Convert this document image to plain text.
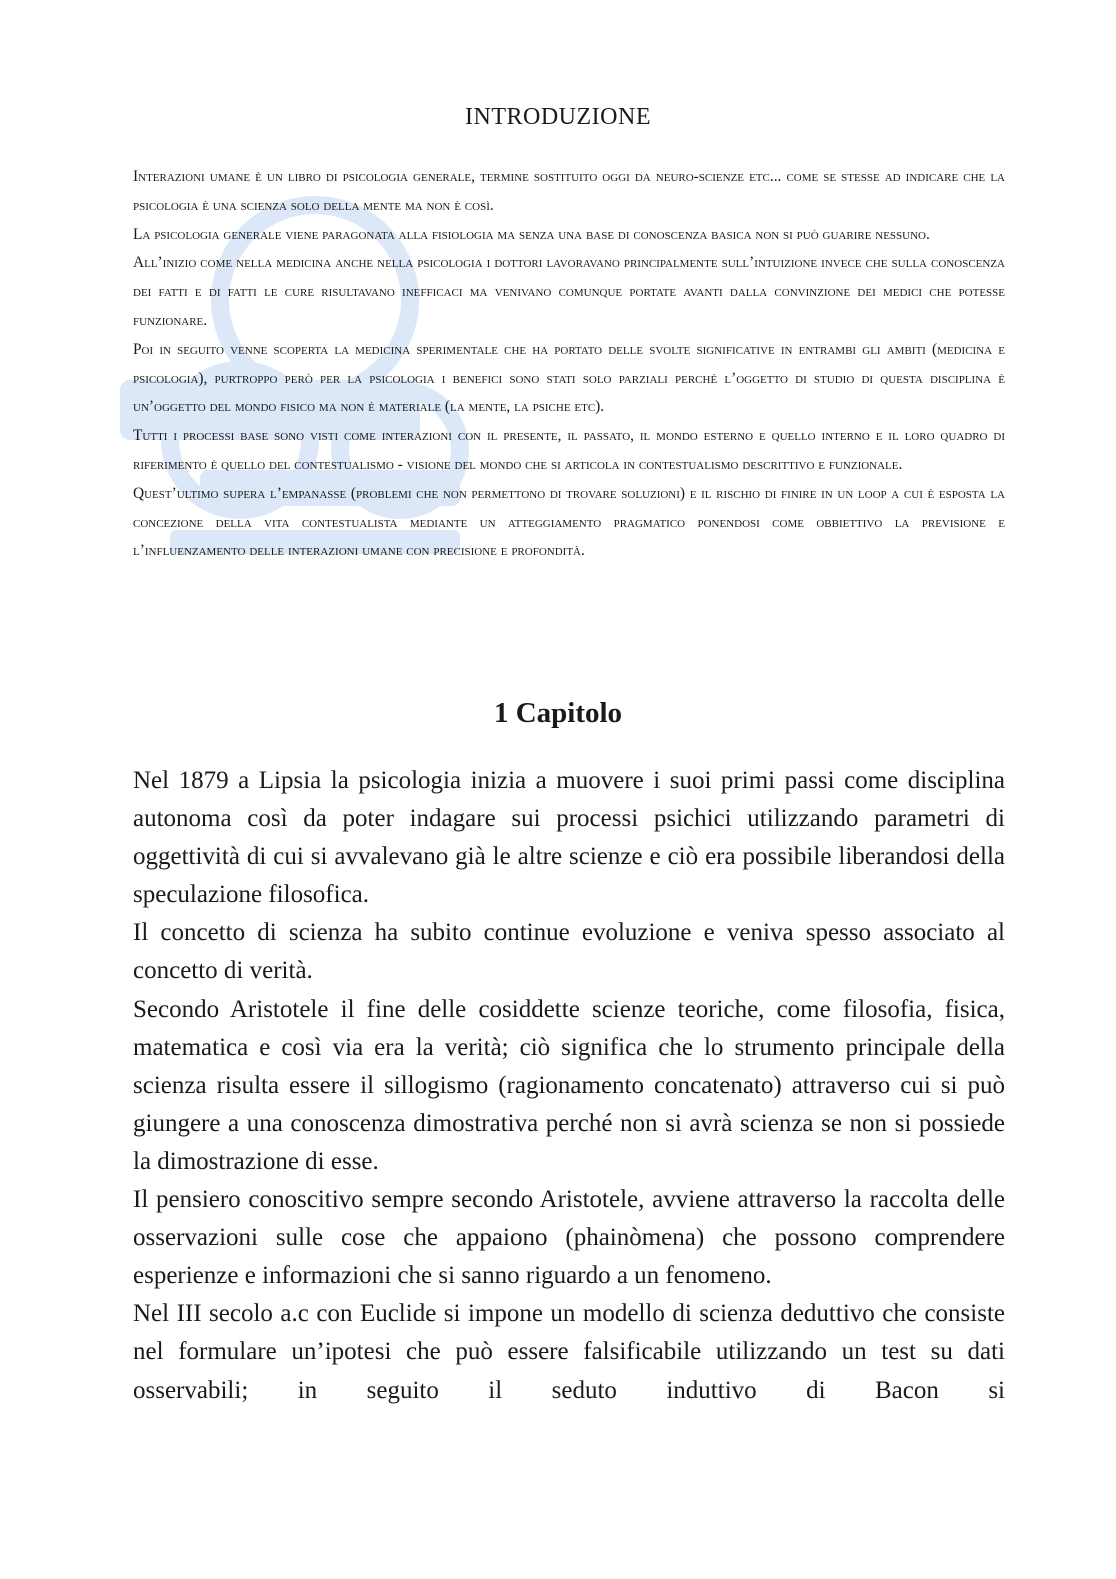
INTRODUZIONE

Interazioni umane è un libro di psicologia generale, termine sostituito oggi da neuro-scienze etc... come se stesse ad indicare che la psicologia è una scienza solo della mente ma non è così.

La psicologia generale viene paragonata alla fisiologia ma senza una base di conoscenza basica non si può guarire nessuno.

All’inizio come nella medicina anche nella psicologia i dottori lavoravano principalmente sull’intuizione invece che sulla conoscenza dei fatti e di fatti le cure risultavano inefficaci ma venivano comunque portate avanti dalla convinzione dei medici che potesse funzionare.

Poi in seguito venne scoperta la medicina sperimentale che ha portato delle svolte significative in entrambi gli ambiti (medicina e psicologia), purtroppo però per la psicologia i benefici sono stati solo parziali perché l’oggetto di studio di questa disciplina è un’oggetto del mondo fisico ma non è materiale (la mente, la psiche etc).

Tutti i processi base sono visti come interazioni con il presente, il passato, il mondo esterno e quello interno e il loro quadro di riferimento è quello del contestualismo - visione del mondo che si articola in contestualismo descrittivo e funzionale.

Quest’ultimo supera l’empanasse (problemi che non permettono di trovare soluzioni) e il rischio di finire in un loop a cui è esposta la concezione della vita contestualista mediante un atteggiamento pragmatico ponendosi come obbiettivo la previsione e l’influenzamento delle interazioni umane con precisione e profondità.

1 Capitolo

Nel 1879 a Lipsia la psicologia inizia a muovere i suoi primi passi come disciplina autonoma così da poter indagare sui processi psichici utilizzando parametri di oggettività di cui si avvalevano già le altre scienze e ciò era possibile liberandosi della speculazione filosofica.

Il concetto di scienza ha subito continue evoluzione e veniva spesso associato al concetto di verità.

Secondo Aristotele il fine delle cosiddette scienze teoriche, come filosofia, fisica, matematica e così via era la verità; ciò significa che lo strumento principale della scienza risulta essere il sillogismo (ragionamento concatenato) attraverso cui si può giungere a una conoscenza dimostrativa perché non si avrà scienza se non si possiede la dimostrazione di esse.

Il pensiero conoscitivo sempre secondo Aristotele, avviene attraverso la raccolta delle osservazioni sulle cose che appaiono (phainòmena) che possono comprendere esperienze e informazioni che si sanno riguardo a un fenomeno.

Nel III secolo a.c con Euclide si impone un modello di scienza deduttivo che consiste nel formulare un’ipotesi che può essere falsificabile utilizzando un test su dati osservabili; in seguito il seduto induttivo di Bacon si
